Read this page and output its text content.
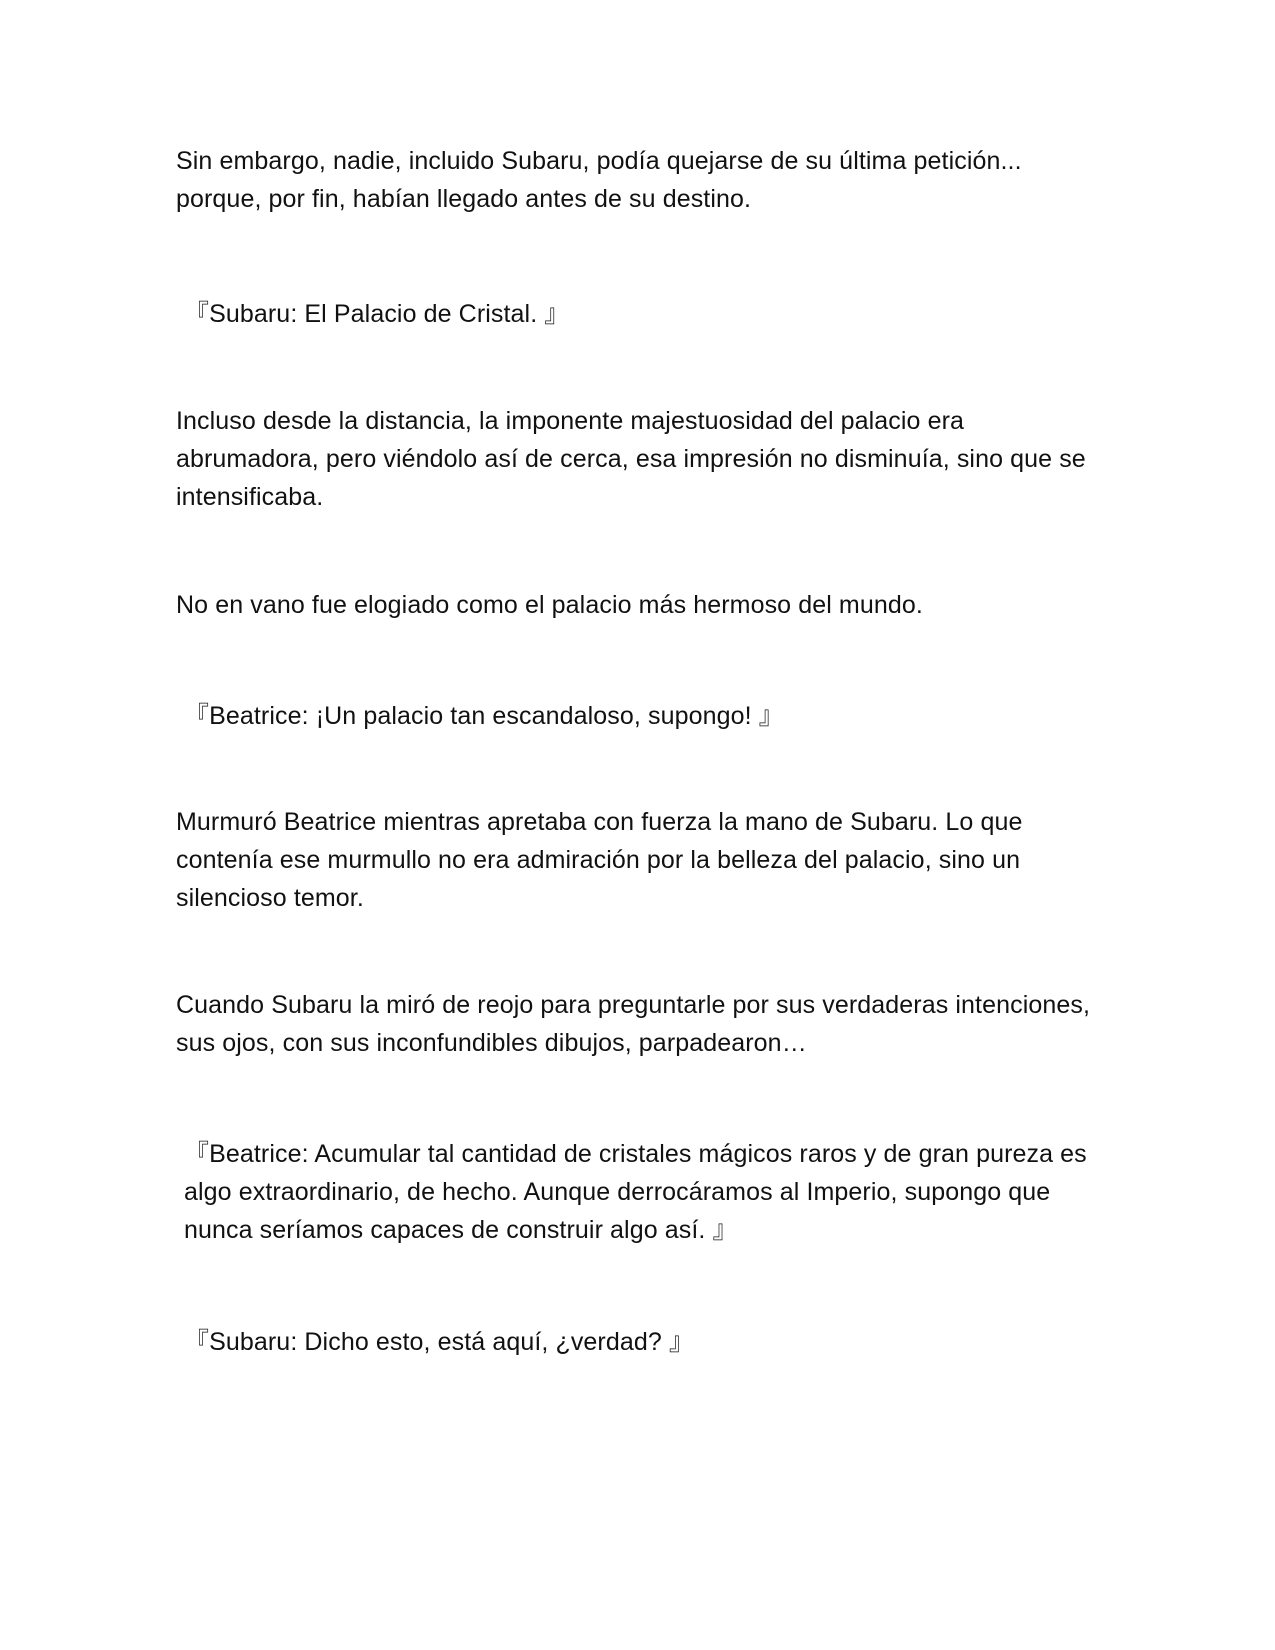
Sin embargo, nadie, incluido Subaru, podía quejarse de su última petición... porque, por fin, habían llegado antes de su destino.

『Subaru: El Palacio de Cristal. 』

Incluso desde la distancia, la imponente majestuosidad del palacio era abrumadora, pero viéndolo así de cerca, esa impresión no disminuía, sino que se intensificaba.

No en vano fue elogiado como el palacio más hermoso del mundo.

『Beatrice: ¡Un palacio tan escandaloso, supongo! 』

Murmuró Beatrice mientras apretaba con fuerza la mano de Subaru. Lo que contenía ese murmullo no era admiración por la belleza del palacio, sino un silencioso temor.

Cuando Subaru la miró de reojo para preguntarle por sus verdaderas intenciones, sus ojos, con sus inconfundibles dibujos, parpadearon…

『Beatrice: Acumular tal cantidad de cristales mágicos raros y de gran pureza es algo extraordinario, de hecho. Aunque derrocáramos al Imperio, supongo que nunca seríamos capaces de construir algo así. 』

『Subaru: Dicho esto, está aquí, ¿verdad? 』
